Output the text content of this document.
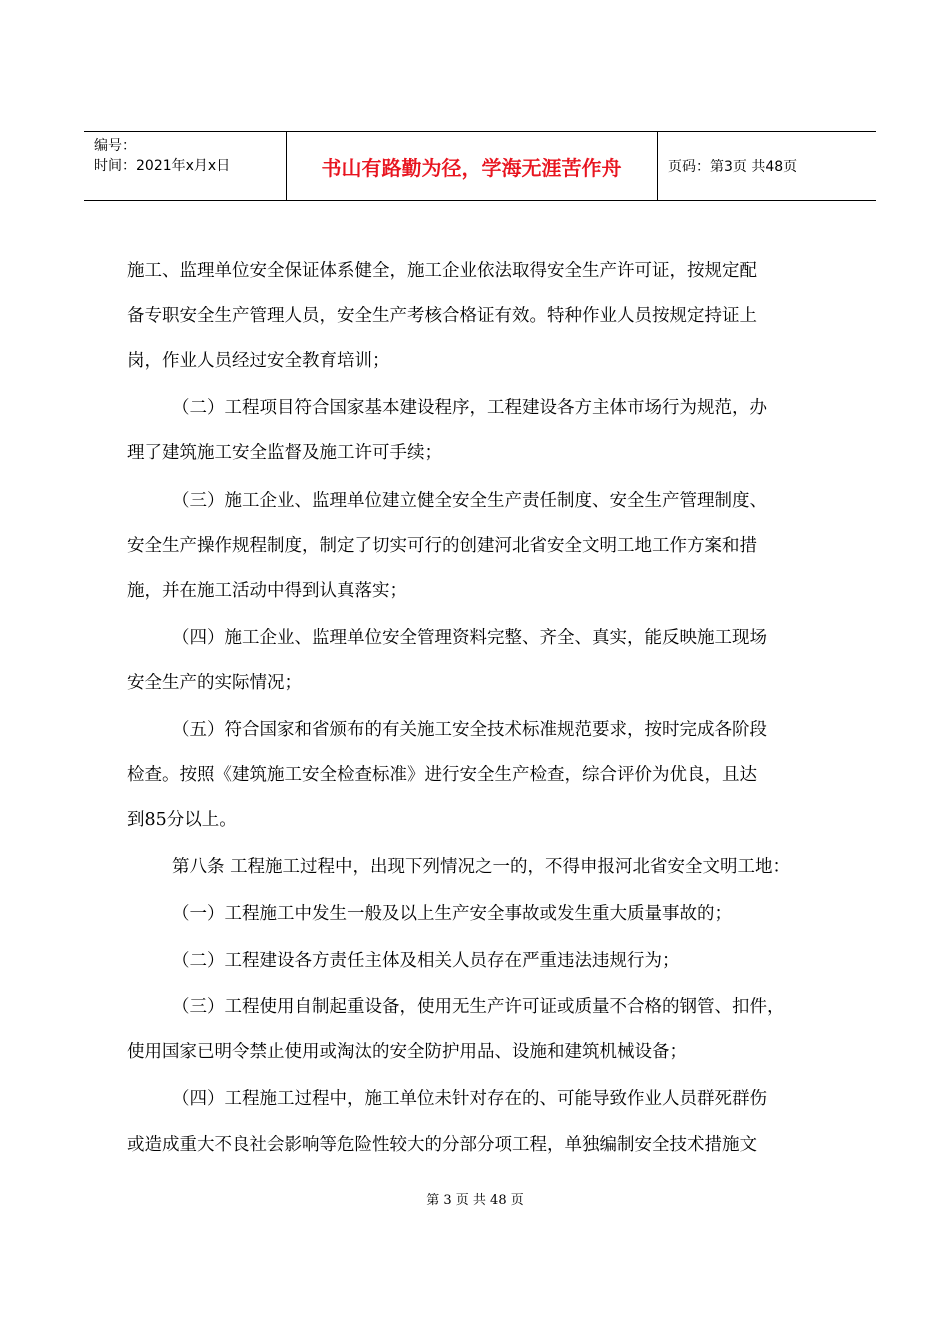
编号：
时间：2021年x月x日	书山有路勤为径，学海无涯苦作舟	页码：第3页 共48页
施工、监理单位安全保证体系健全，施工企业依法取得安全生产许可证，按规定配
备专职安全生产管理人员，安全生产考核合格证有效。特种作业人员按规定持证上
岗，作业人员经过安全教育培训；
（二）工程项目符合国家基本建设程序，工程建设各方主体市场行为规范，办
理了建筑施工安全监督及施工许可手续；
（三）施工企业、监理单位建立健全安全生产责任制度、安全生产管理制度、
安全生产操作规程制度，制定了切实可行的创建河北省安全文明工地工作方案和措
施，并在施工活动中得到认真落实；
（四）施工企业、监理单位安全管理资料完整、齐全、真实，能反映施工现场
安全生产的实际情况；
（五）符合国家和省颁布的有关施工安全技术标准规范要求，按时完成各阶段
检查。按照《建筑施工安全检查标准》进行安全生产检查，综合评价为优良，且达
到85分以上。
第八条 工程施工过程中，出现下列情况之一的，不得申报河北省安全文明工地：
（一）工程施工中发生一般及以上生产安全事故或发生重大质量事故的；
（二）工程建设各方责任主体及相关人员存在严重违法违规行为；
（三）工程使用自制起重设备，使用无生产许可证或质量不合格的钢管、扣件，
使用国家已明令禁止使用或淘汰的安全防护用品、设施和建筑机械设备；
（四）工程施工过程中，施工单位未针对存在的、可能导致作业人员群死群伤
或造成重大不良社会影响等危险性较大的分部分项工程，单独编制安全技术措施文
第 3 页 共 48 页
